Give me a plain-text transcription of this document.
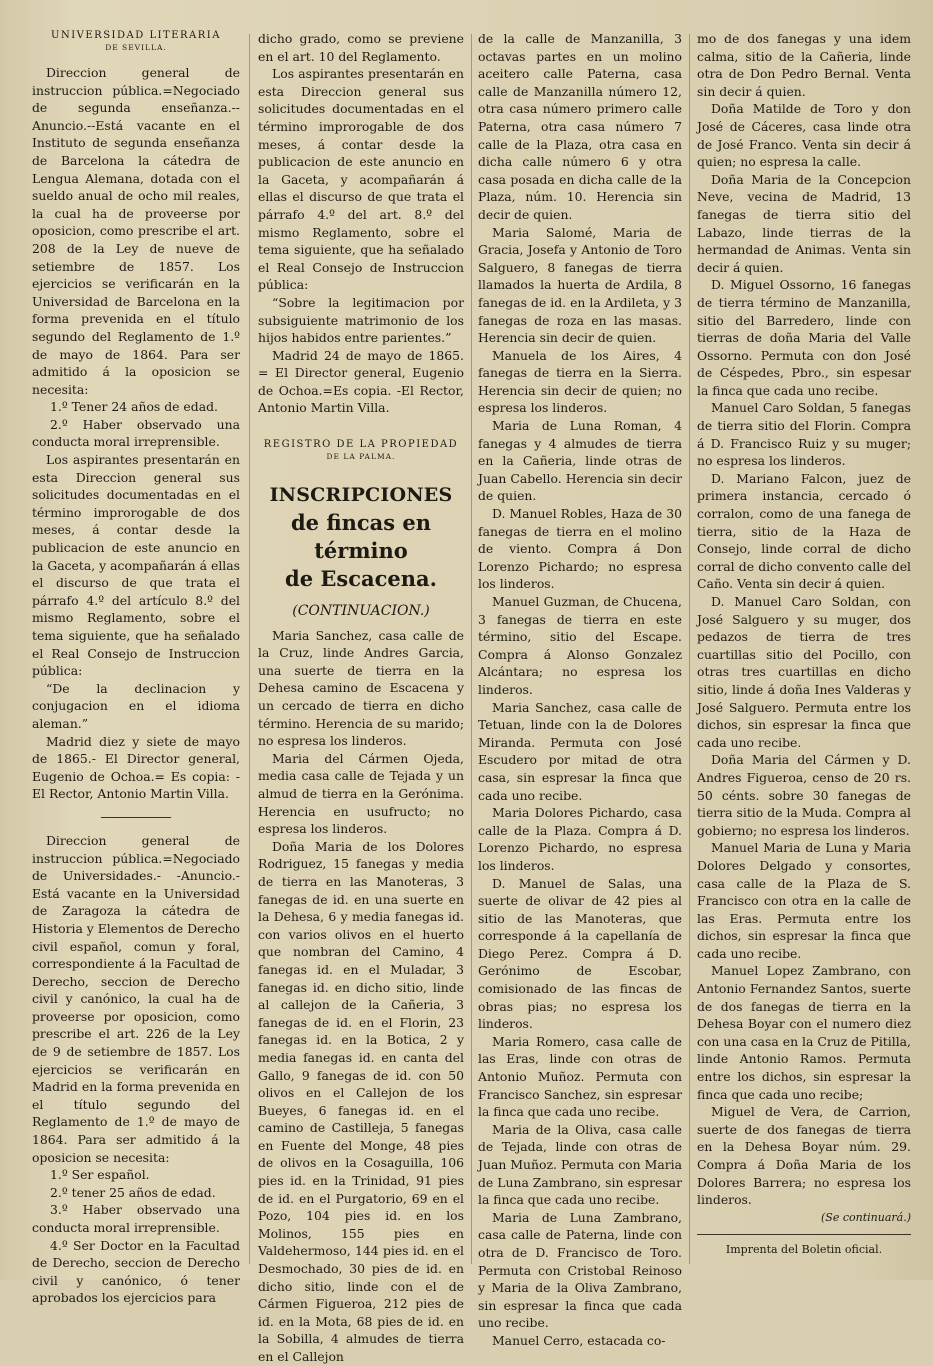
UNIVERSIDAD LITERARIA
DE SEVILLA.

Direccion general de instruccion pública.=Negociado de segunda enseñanza.--Anuncio.--Está vacante en el Instituto de segunda enseñanza de Barcelona la cátedra de Lengua Alemana, dotada con el sueldo anual de ocho mil reales, la cual ha de proveerse por oposicion, como prescribe el art. 208 de la Ley de nueve de setiembre de 1857. Los ejercicios se verificarán en la Universidad de Barcelona en la forma prevenida en el título segundo del Reglamento de 1.º de mayo de 1864. Para ser admitido á la oposicion se necesita:

1.º Tener 24 años de edad.

2.º Haber observado una conducta moral irreprensible.

Los aspirantes presentarán en esta Direccion general sus solicitudes documentadas en el término improrogable de dos meses, á contar desde la publicacion de este anuncio en la Gaceta, y acompañarán á ellas el discurso de que trata el párrafo 4.º del artículo 8.º del mismo Reglamento, sobre el tema siguiente, que ha señalado el Real Consejo de Instruccion pública:

“De la declinacion y conjugacion en el idioma aleman.”

Madrid diez y siete de mayo de 1865.- El Director general, Eugenio de Ochoa.= Es copia: - El Rector, Antonio Martin Villa.

Direccion general de instruccion pública.=Negociado de Universidades.- -Anuncio.-Está vacante en la Universidad de Zaragoza la cátedra de Historia y Elementos de Derecho civil español, comun y foral, correspondiente á la Facultad de Derecho, seccion de Derecho civil y canónico, la cual ha de proveerse por oposicion, como prescribe el art. 226 de la Ley de 9 de setiembre de 1857. Los ejercicios se verificarán en Madrid en la forma prevenida en el título segundo del Reglamento de 1.º de mayo de 1864. Para ser admitido á la oposicion se necesita:

1.º Ser español.

2.º tener 25 años de edad.

3.º Haber observado una conducta moral irreprensible.

4.º Ser Doctor en la Facultad de Derecho, seccion de Derecho civil y canónico, ó tener aprobados los ejercicios para

dicho grado, como se previene en el art. 10 del Reglamento.

Los aspirantes presentarán en esta Direccion general sus solicitudes documentadas en el término improrogable de dos meses, á contar desde la publicacion de este anuncio en la Gaceta, y acompañarán á ellas el discurso de que trata el párrafo 4.º del art. 8.º del mismo Reglamento, sobre el tema siguiente, que ha señalado el Real Consejo de Instruccion pública:

“Sobre la legitimacion por subsiguiente matrimonio de los hijos habidos entre parientes.”

Madrid 24 de mayo de 1865. = El Director general, Eugenio de Ochoa.=Es copia. -El Rector, Antonio Martin Villa.

REGISTRO DE LA PROPIEDAD
DE LA PALMA.
INSCRIPCIONES
de fincas en término
de Escacena.
(CONTINUACION.)

Maria Sanchez, casa calle de la Cruz, linde Andres Garcia, una suerte de tierra en la Dehesa camino de Escacena y un cercado de tierra en dicho término. Herencia de su marido; no espresa los linderos.

Maria del Cármen Ojeda, media casa calle de Tejada y un almud de tierra en la Gerónima. Herencia en usufructo; no espresa los linderos.

Doña Maria de los Dolores Rodriguez, 15 fanegas y media de tierra en las Manoteras, 3 fanegas de id. en una suerte en la Dehesa, 6 y media fanegas id. con varios olivos en el huerto que nombran del Camino, 4 fanegas id. en el Muladar, 3 fanegas id. en dicho sitio, linde al callejon de la Cañeria, 3 fanegas de id. en el Florin, 23 fanegas id. en la Botica, 2 y media fanegas id. en canta del Gallo, 9 fanegas de id. con 50 olivos en el Callejon de los Bueyes, 6 fanegas id. en el camino de Castilleja, 5 fanegas en Fuente del Monge, 48 pies de olivos en la Cosaguilla, 106 pies id. en la Trinidad, 91 pies de id. en el Purgatorio, 69 en el Pozo, 104 pies id. en los Molinos, 155 pies en Valdehermoso, 144 pies id. en el Desmochado, 30 pies de id. en dicho sitio, linde con el de Cármen Figueroa, 212 pies de id. en la Mota, 68 pies de id. en la Sobilla, 4 almudes de tierra en el Callejon

de la calle de Manzanilla, 3 octavas partes en un molino aceitero calle Paterna, casa calle de Manzanilla número 12, otra casa número primero calle Paterna, otra casa número 7 calle de la Plaza, otra casa en dicha calle número 6 y otra casa posada en dicha calle de la Plaza, núm. 10. Herencia sin decir de quien.

Maria Salomé, Maria de Gracia, Josefa y Antonio de Toro Salguero, 8 fanegas de tierra llamados la huerta de Ardila, 8 fanegas de id. en la Ardileta, y 3 fanegas de roza en las masas. Herencia sin decir de quien.

Manuela de los Aires, 4 fanegas de tierra en la Sierra. Herencia sin decir de quien; no espresa los linderos.

Maria de Luna Roman, 4 fanegas y 4 almudes de tierra en la Cañeria, linde otras de Juan Cabello. Herencia sin decir de quien.

D. Manuel Robles, Haza de 30 fanegas de tierra en el molino de viento. Compra á Don Lorenzo Pichardo; no espresa los linderos.

Manuel Guzman, de Chucena, 3 fanegas de tierra en este término, sitio del Escape. Compra á Alonso Gonzalez Alcántara; no espresa los linderos.

Maria Sanchez, casa calle de Tetuan, linde con la de Dolores Miranda. Permuta con José Escudero por mitad de otra casa, sin espresar la finca que cada uno recibe.

Maria Dolores Pichardo, casa calle de la Plaza. Compra á D. Lorenzo Pichardo, no espresa los linderos.

D. Manuel de Salas, una suerte de olivar de 42 pies al sitio de las Manoteras, que corresponde á la capellanía de Diego Perez. Compra á D. Gerónimo de Escobar, comisionado de las fincas de obras pias; no espresa los linderos.

Maria Romero, casa calle de las Eras, linde con otras de Antonio Muñoz. Permuta con Francisco Sanchez, sin espresar la finca que cada uno recibe.

Maria de la Oliva, casa calle de Tejada, linde con otras de Juan Muñoz. Permuta con Maria de Luna Zambrano, sin espresar la finca que cada uno recibe.

Maria de Luna Zambrano, casa calle de Paterna, linde con otra de D. Francisco de Toro. Permuta con Cristobal Reinoso y Maria de la Oliva Zambrano, sin espresar la finca que cada uno recibe.

Manuel Cerro, estacada co-

mo de dos fanegas y una idem calma, sitio de la Cañeria, linde otra de Don Pedro Bernal. Venta sin decir á quien.

Doña Matilde de Toro y don José de Cáceres, casa linde otra de José Franco. Venta sin decir á quien; no espresa la calle.

Doña Maria de la Concepcion Neve, vecina de Madrid, 13 fanegas de tierra sitio del Labazo, linde tierras de la hermandad de Animas. Venta sin decir á quien.

D. Miguel Ossorno, 16 fanegas de tierra término de Manzanilla, sitio del Barredero, linde con tierras de doña Maria del Valle Ossorno. Permuta con don José de Céspedes, Pbro., sin espesar la finca que cada uno recibe.

Manuel Caro Soldan, 5 fanegas de tierra sitio del Florin. Compra á D. Francisco Ruiz y su muger; no espresa los linderos.

D. Mariano Falcon, juez de primera instancia, cercado ó corralon, como de una fanega de tierra, sitio de la Haza de Consejo, linde corral de dicho corral de dicho convento calle del Caño. Venta sin decir á quien.

D. Manuel Caro Soldan, con José Salguero y su muger, dos pedazos de tierra de tres cuartillas sitio del Pocillo, con otras tres cuartillas en dicho sitio, linde á doña Ines Valderas y José Salguero. Permuta entre los dichos, sin espresar la finca que cada uno recibe.

Doña Maria del Cármen y D. Andres Figueroa, censo de 20 rs. 50 cénts. sobre 30 fanegas de tierra sitio de la Muda. Compra al gobierno; no espresa los linderos.

Manuel Maria de Luna y Maria Dolores Delgado y consortes, casa calle de la Plaza de S. Francisco con otra en la calle de las Eras. Permuta entre los dichos, sin espresar la finca que cada uno recibe.

Manuel Lopez Zambrano, con Antonio Fernandez Santos, suerte de dos fanegas de tierra en la Dehesa Boyar con el numero diez con una casa en la Cruz de Pitilla, linde Antonio Ramos. Permuta entre los dichos, sin espresar la finca que cada uno recibe;

Miguel de Vera, de Carrion, suerte de dos fanegas de tierra en la Dehesa Boyar núm. 29. Compra á Doña Maria de los Dolores Barrera; no espresa los linderos.

(Se continuará.)
Imprenta del Boletin oficial.
